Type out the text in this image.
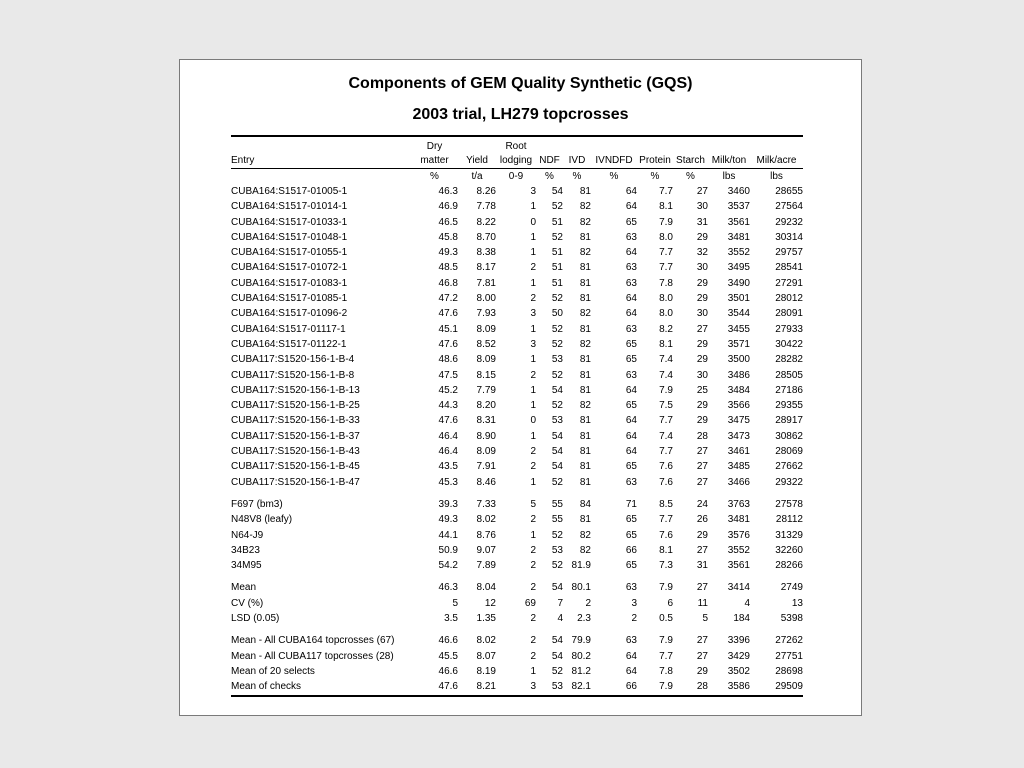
Components of GEM Quality Synthetic (GQS)
2003 trial, LH279 topcrosses
	Dry		Root							
Entry	matter	Yield	lodging	NDF	IVD	IVNDFD	Protein	Starch	Milk/ton	Milk/acre
	%	t/a	0-9	%	%	%	%	%	lbs	lbs
CUBA164:S1517-01005-1	46.3	8.26	3	54	81	64	7.7	27	3460	28655
CUBA164:S1517-01014-1	46.9	7.78	1	52	82	64	8.1	30	3537	27564
CUBA164:S1517-01033-1	46.5	8.22	0	51	82	65	7.9	31	3561	29232
CUBA164:S1517-01048-1	45.8	8.70	1	52	81	63	8.0	29	3481	30314
CUBA164:S1517-01055-1	49.3	8.38	1	51	82	64	7.7	32	3552	29757
CUBA164:S1517-01072-1	48.5	8.17	2	51	81	63	7.7	30	3495	28541
CUBA164:S1517-01083-1	46.8	7.81	1	51	81	63	7.8	29	3490	27291
CUBA164:S1517-01085-1	47.2	8.00	2	52	81	64	8.0	29	3501	28012
CUBA164:S1517-01096-2	47.6	7.93	3	50	82	64	8.0	30	3544	28091
CUBA164:S1517-01117-1	45.1	8.09	1	52	81	63	8.2	27	3455	27933
CUBA164:S1517-01122-1	47.6	8.52	3	52	82	65	8.1	29	3571	30422
CUBA117:S1520-156-1-B-4	48.6	8.09	1	53	81	65	7.4	29	3500	28282
CUBA117:S1520-156-1-B-8	47.5	8.15	2	52	81	63	7.4	30	3486	28505
CUBA117:S1520-156-1-B-13	45.2	7.79	1	54	81	64	7.9	25	3484	27186
CUBA117:S1520-156-1-B-25	44.3	8.20	1	52	82	65	7.5	29	3566	29355
CUBA117:S1520-156-1-B-33	47.6	8.31	0	53	81	64	7.7	29	3475	28917
CUBA117:S1520-156-1-B-37	46.4	8.90	1	54	81	64	7.4	28	3473	30862
CUBA117:S1520-156-1-B-43	46.4	8.09	2	54	81	64	7.7	27	3461	28069
CUBA117:S1520-156-1-B-45	43.5	7.91	2	54	81	65	7.6	27	3485	27662
CUBA117:S1520-156-1-B-47	45.3	8.46	1	52	81	63	7.6	27	3466	29322

F697 (bm3)	39.3	7.33	5	55	84	71	8.5	24	3763	27578
N48V8 (leafy)	49.3	8.02	2	55	81	65	7.7	26	3481	28112
N64-J9	44.1	8.76	1	52	82	65	7.6	29	3576	31329
34B23	50.9	9.07	2	53	82	66	8.1	27	3552	32260
34M95	54.2	7.89	2	52	81.9	65	7.3	31	3561	28266

Mean	46.3	8.04	2	54	80.1	63	7.9	27	3414	2749
CV (%)	5	12	69	7	2	3	6	11	4	13
LSD (0.05)	3.5	1.35	2	4	2.3	2	0.5	5	184	5398

Mean - All CUBA164 topcrosses (67)	46.6	8.02	2	54	79.9	63	7.9	27	3396	27262
Mean - All CUBA117 topcrosses (28)	45.5	8.07	2	54	80.2	64	7.7	27	3429	27751
Mean of 20 selects	46.6	8.19	1	52	81.2	64	7.8	29	3502	28698
Mean of checks	47.6	8.21	3	53	82.1	66	7.9	28	3586	29509
